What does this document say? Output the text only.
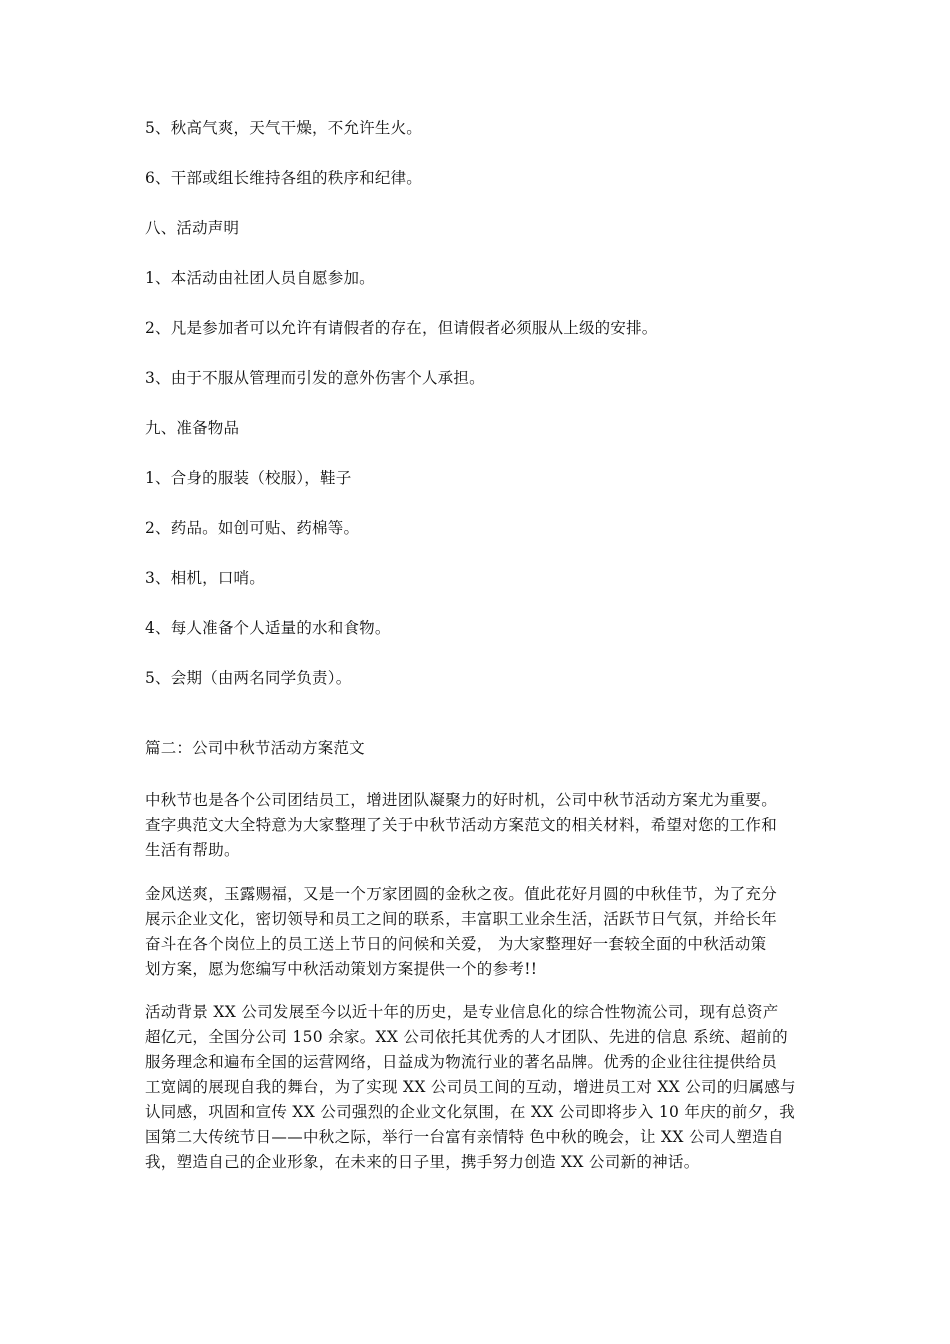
5、秋高气爽，天气干燥，不允许生火。
6、干部或组长维持各组的秩序和纪律。
八、活动声明
1、本活动由社团人员自愿参加。
2、凡是参加者可以允许有请假者的存在，但请假者必须服从上级的安排。
3、由于不服从管理而引发的意外伤害个人承担。
九、准备物品
1、合身的服装（校服），鞋子
2、药品。如创可贴、药棉等。
3、相机，口哨。
4、每人准备个人适量的水和食物。
5、会期（由两名同学负责）。
篇二：公司中秋节活动方案范文
中秋节也是各个公司团结员工，增进团队凝聚力的好时机，公司中秋节活动方案尤为重要。
查字典范文大全特意为大家整理了关于中秋节活动方案范文的相关材料，希望对您的工作和
生活有帮助。
金风送爽，玉露赐福，又是一个万家团圆的金秋之夜。值此花好月圆的中秋佳节，为了充分
展示企业文化，密切领导和员工之间的联系，丰富职工业余生活，活跃节日气氛，并给长年
奋斗在各个岗位上的员工送上节日的问候和关爱， 为大家整理好一套较全面的中秋活动策
划方案，愿为您编写中秋活动策划方案提供一个的参考!!
活动背景 XX 公司发展至今以近十年的历史，是专业信息化的综合性物流公司，现有总资产
超亿元，全国分公司 150 余家。XX 公司依托其优秀的人才团队、先进的信息 系统、超前的
服务理念和遍布全国的运营网络，日益成为物流行业的著名品牌。优秀的企业往往提供给员
工宽阔的展现自我的舞台，为了实现 XX 公司员工间的互动，增进员工对 XX 公司的归属感与
认同感，巩固和宣传 XX 公司强烈的企业文化氛围，在 XX 公司即将步入 10 年庆的前夕，我
国第二大传统节日——中秋之际，举行一台富有亲情特 色中秋的晚会，让 XX 公司人塑造自
我，塑造自己的企业形象，在未来的日子里，携手努力创造 XX 公司新的神话。
